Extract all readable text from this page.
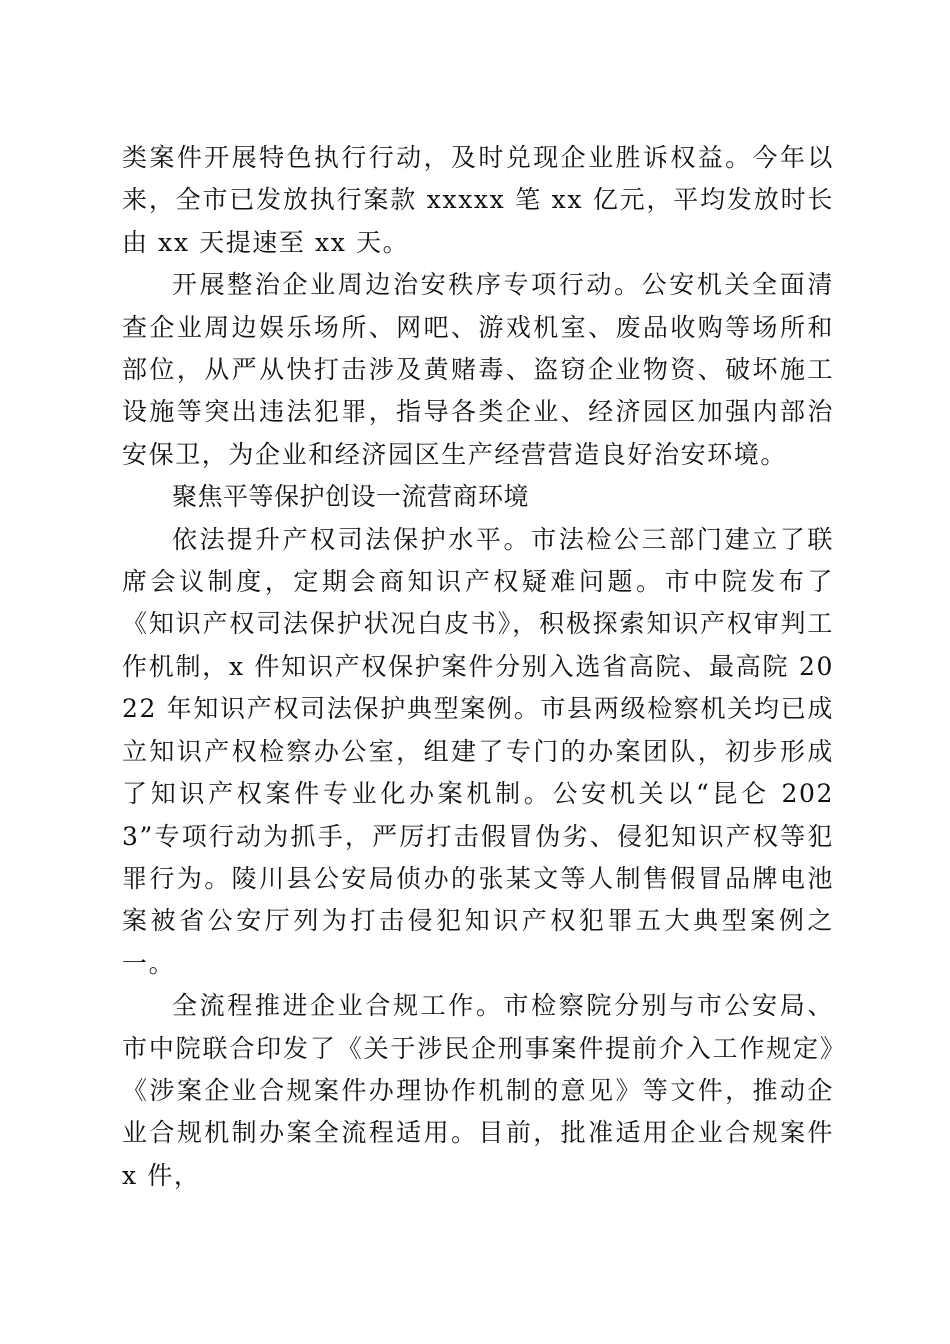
类案件开展特色执行行动，及时兑现企业胜诉权益。今年以来，全市已发放执行案款 xxxxx 笔 xx 亿元，平均发放时长由 xx 天提速至 xx 天。

开展整治企业周边治安秩序专项行动。公安机关全面清查企业周边娱乐场所、网吧、游戏机室、废品收购等场所和部位，从严从快打击涉及黄赌毒、盗窃企业物资、破坏施工设施等突出违法犯罪，指导各类企业、经济园区加强内部治安保卫，为企业和经济园区生产经营营造良好治安环境。

聚焦平等保护创设一流营商环境

依法提升产权司法保护水平。市法检公三部门建立了联席会议制度，定期会商知识产权疑难问题。市中院发布了《知识产权司法保护状况白皮书》，积极探索知识产权审判工作机制，x 件知识产权保护案件分别入选省高院、最高院 2022 年知识产权司法保护典型案例。市县两级检察机关均已成立知识产权检察办公室，组建了专门的办案团队，初步形成了知识产权案件专业化办案机制。公安机关以“昆仑 2023”专项行动为抓手，严厉打击假冒伪劣、侵犯知识产权等犯罪行为。陵川县公安局侦办的张某文等人制售假冒品牌电池案被省公安厅列为打击侵犯知识产权犯罪五大典型案例之一。

全流程推进企业合规工作。市检察院分别与市公安局、市中院联合印发了《关于涉民企刑事案件提前介入工作规定》《涉案企业合规案件办理协作机制的意见》等文件，推动企业合规机制办案全流程适用。目前，批准适用企业合规案件 x 件，
